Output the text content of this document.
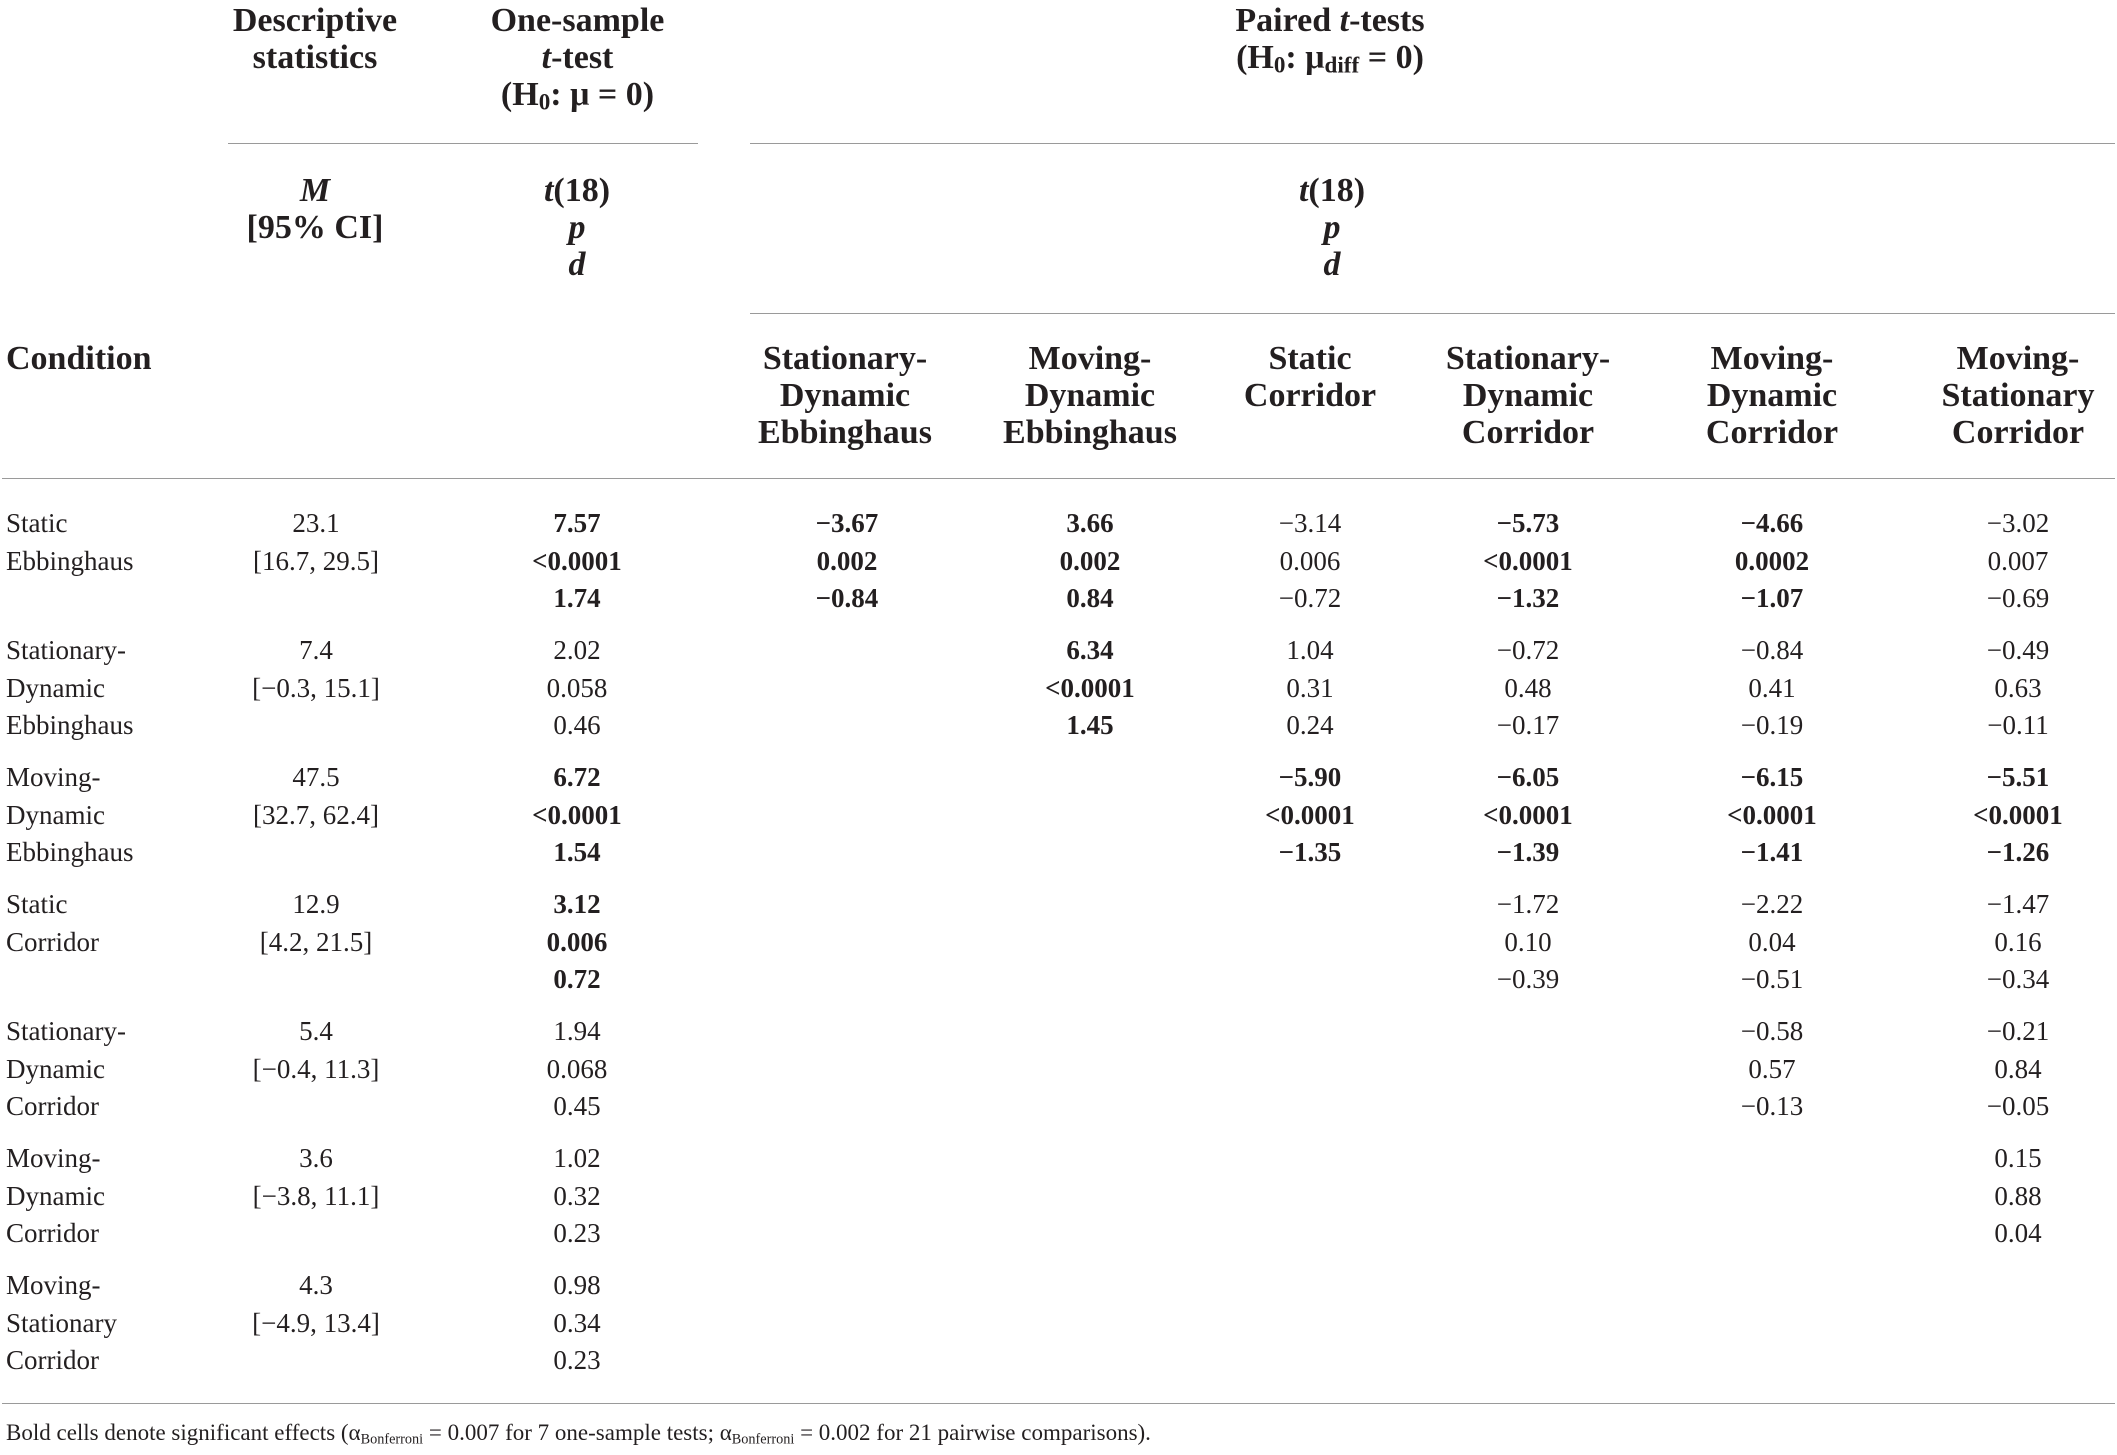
Descriptive
statistics
One-sample
t-test
($H_0$: μ = 0)
Paired t-tests
($H_0$: $\mu_{diff} = 0$)
M
[95% CI]
t(18)
p
d
t(18)
p
d
Condition	Stationary-
Dynamic
Ebbinghaus
Moving-
Dynamic
Ebbinghaus
Static
Corridor

Stationary-
Dynamic
Corridor
Moving-
Dynamic
Corridor
Moving-
Stationary
Corridor
Static
Ebbinghaus
23.1
[16.7, 29.5]
7.57
<0.0001
1.74
−3.67
0.002
−0.84
3.66
0.002
0.84
−3.14
0.006
−0.72
−5.73
<0.0001
−1.32
−4.66
0.0002
−1.07
−3.02
0.007
−0.69
Stationary-
Dynamic
Ebbinghaus
7.4
[−0.3, 15.1]
2.02
0.058
0.46
6.34
<0.0001
1.45
1.04
0.31
0.24
−0.72
0.48
−0.17
−0.84
0.41
−0.19
−0.49
0.63
−0.11
Moving-
Dynamic
Ebbinghaus
47.5
[32.7, 62.4]
6.72
<0.0001
1.54
−5.90
<0.0001
−1.35
−6.05
<0.0001
−1.39
−6.15
<0.0001
−1.41
−5.51
<0.0001
−1.26
Static
Corridor
12.9
[4.2, 21.5]
3.12
0.006
0.72
−1.72
0.10
−0.39
−2.22
0.04
−0.51
−1.47
0.16
−0.34
Stationary-
Dynamic
Corridor
5.4
[−0.4, 11.3]
1.94
0.068
0.45
−0.58
0.57
−0.13
−0.21
0.84
−0.05
Moving-
Dynamic
Corridor
3.6
[−3.8, 11.1]
1.02
0.32
0.23
0.15
0.88
0.04
Moving-
Stationary
Corridor
4.3
[−4.9, 13.4]
0.98
0.34
0.23
Bold cells denote significant effects ($\alpha_{Bonferroni} = 0.007$ for 7 one-sample tests; $\alpha_{Bonferroni} = 0.002$ for 21 pairwise comparisons).
